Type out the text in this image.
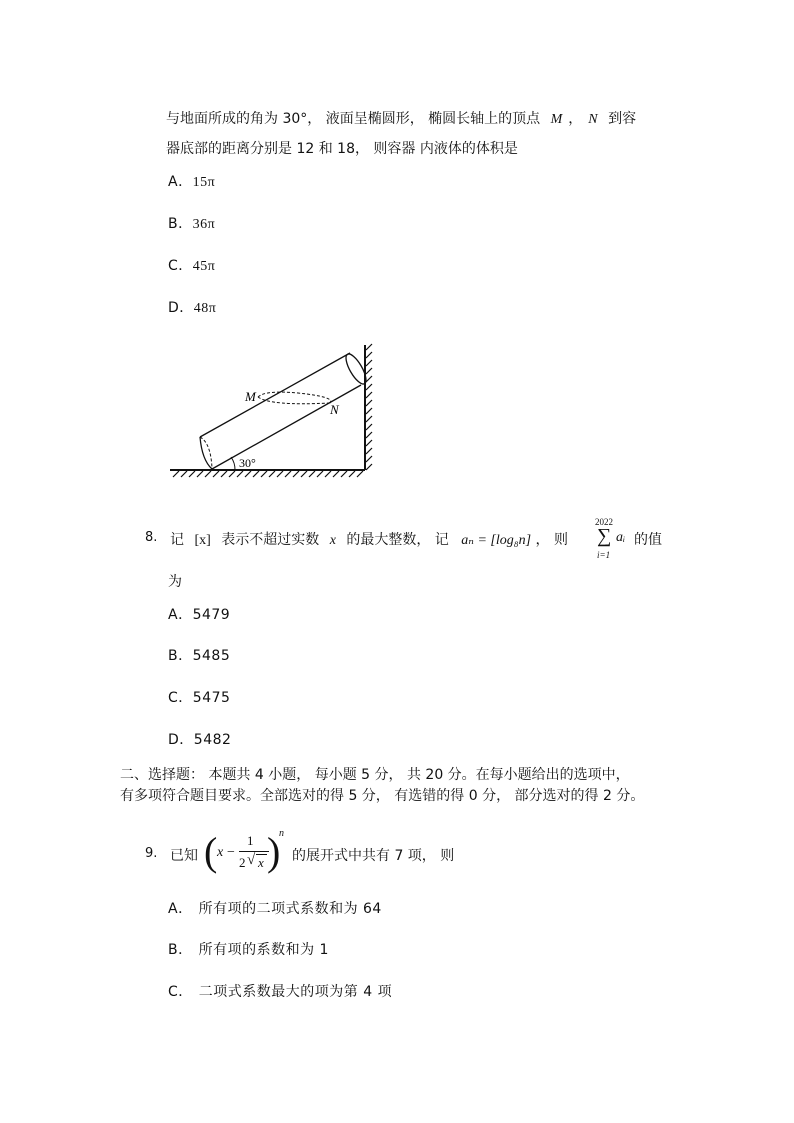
与地面所成的角为 30°， 液面呈椭圆形， 椭圆长轴上的顶点 M ， N 到容
器底部的距离分别是 12 和 18， 则容器 内液体的体积是
A．15π
B．36π
C．45π
D．48π
M
N
30°
8. 记 [x] 表示不超过实数 x 的最大整数， 记 aₙ = [log₈n] ， 则
2022
∑
i=1
aᵢ 的值
为
A．5479
B．5485
C．5475
D．5482
二、选择题： 本题共 4 小题， 每小题 5 分， 共 20 分。在每小题给出的选项中，
有多项符合题目要求。全部选对的得 5 分， 有选错的得 0 分， 部分选对的得 2 分。
9. 已知 ( x −
1
2 √ x )
n
的展开式中共有 7 项， 则
A． 所有项的二项式系数和为 64
B． 所有项的系数和为 1
C． 二项式系数最大的项为第 4 项
